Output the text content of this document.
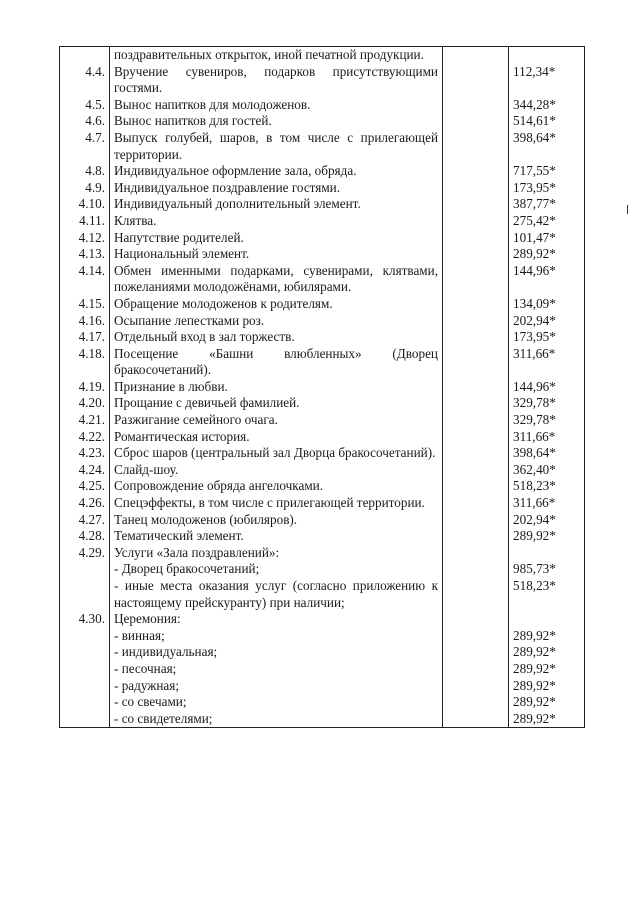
	поздравительных открыток, иной печатной продукции.		
4.4.	Вручение сувениров, подарков присутствующими гостями.		112,34*
4.5.	Вынос напитков для молодоженов.		344,28*
4.6.	Вынос напитков для гостей.		514,61*
4.7.	Выпуск голубей, шаров, в том числе с прилегающей территории.		398,64*
4.8.	Индивидуальное оформление зала, обряда.		717,55*
4.9.	Индивидуальное поздравление гостями.		173,95*
4.10.	Индивидуальный дополнительный элемент.		387,77*
4.11.	Клятва.		275,42*
4.12.	Напутствие родителей.		101,47*
4.13.	Национальный элемент.		289,92*
4.14.	Обмен именными подарками, сувенирами, клятвами, пожеланиями молодожёнами, юбилярами.		144,96*
4.15.	Обращение молодоженов к родителям.		134,09*
4.16.	Осыпание лепестками роз.		202,94*
4.17.	Отдельный вход в зал торжеств.		173,95*
4.18.	Посещение «Башни влюбленных» (Дворец бракосочетаний).		311,66*
4.19.	Признание в любви.		144,96*
4.20.	Прощание с девичьей фамилией.		329,78*
4.21.	Разжигание семейного очага.		329,78*
4.22.	Романтическая история.		311,66*
4.23.	Сброс шаров (центральный зал Дворца бракосочетаний).		398,64*
4.24.	Слайд-шоу.		362,40*
4.25.	Сопровождение обряда ангелочками.		518,23*
4.26.	Спецэффекты, в том числе с прилегающей территории.		311,66*
4.27.	Танец молодоженов (юбиляров).		202,94*
4.28.	Тематический элемент.		289,92*
4.29.	Услуги «Зала поздравлений»:		
	- Дворец бракосочетаний;		985,73*
	- иные места оказания услуг (согласно приложению к настоящему прейскуранту) при наличии;		518,23*
4.30.	Церемония:		
	- винная;		289,92*
	- индивидуальная;		289,92*
	- песочная;		289,92*
	- радужная;		289,92*
	- со свечами;		289,92*
	- со свидетелями;		289,92*
